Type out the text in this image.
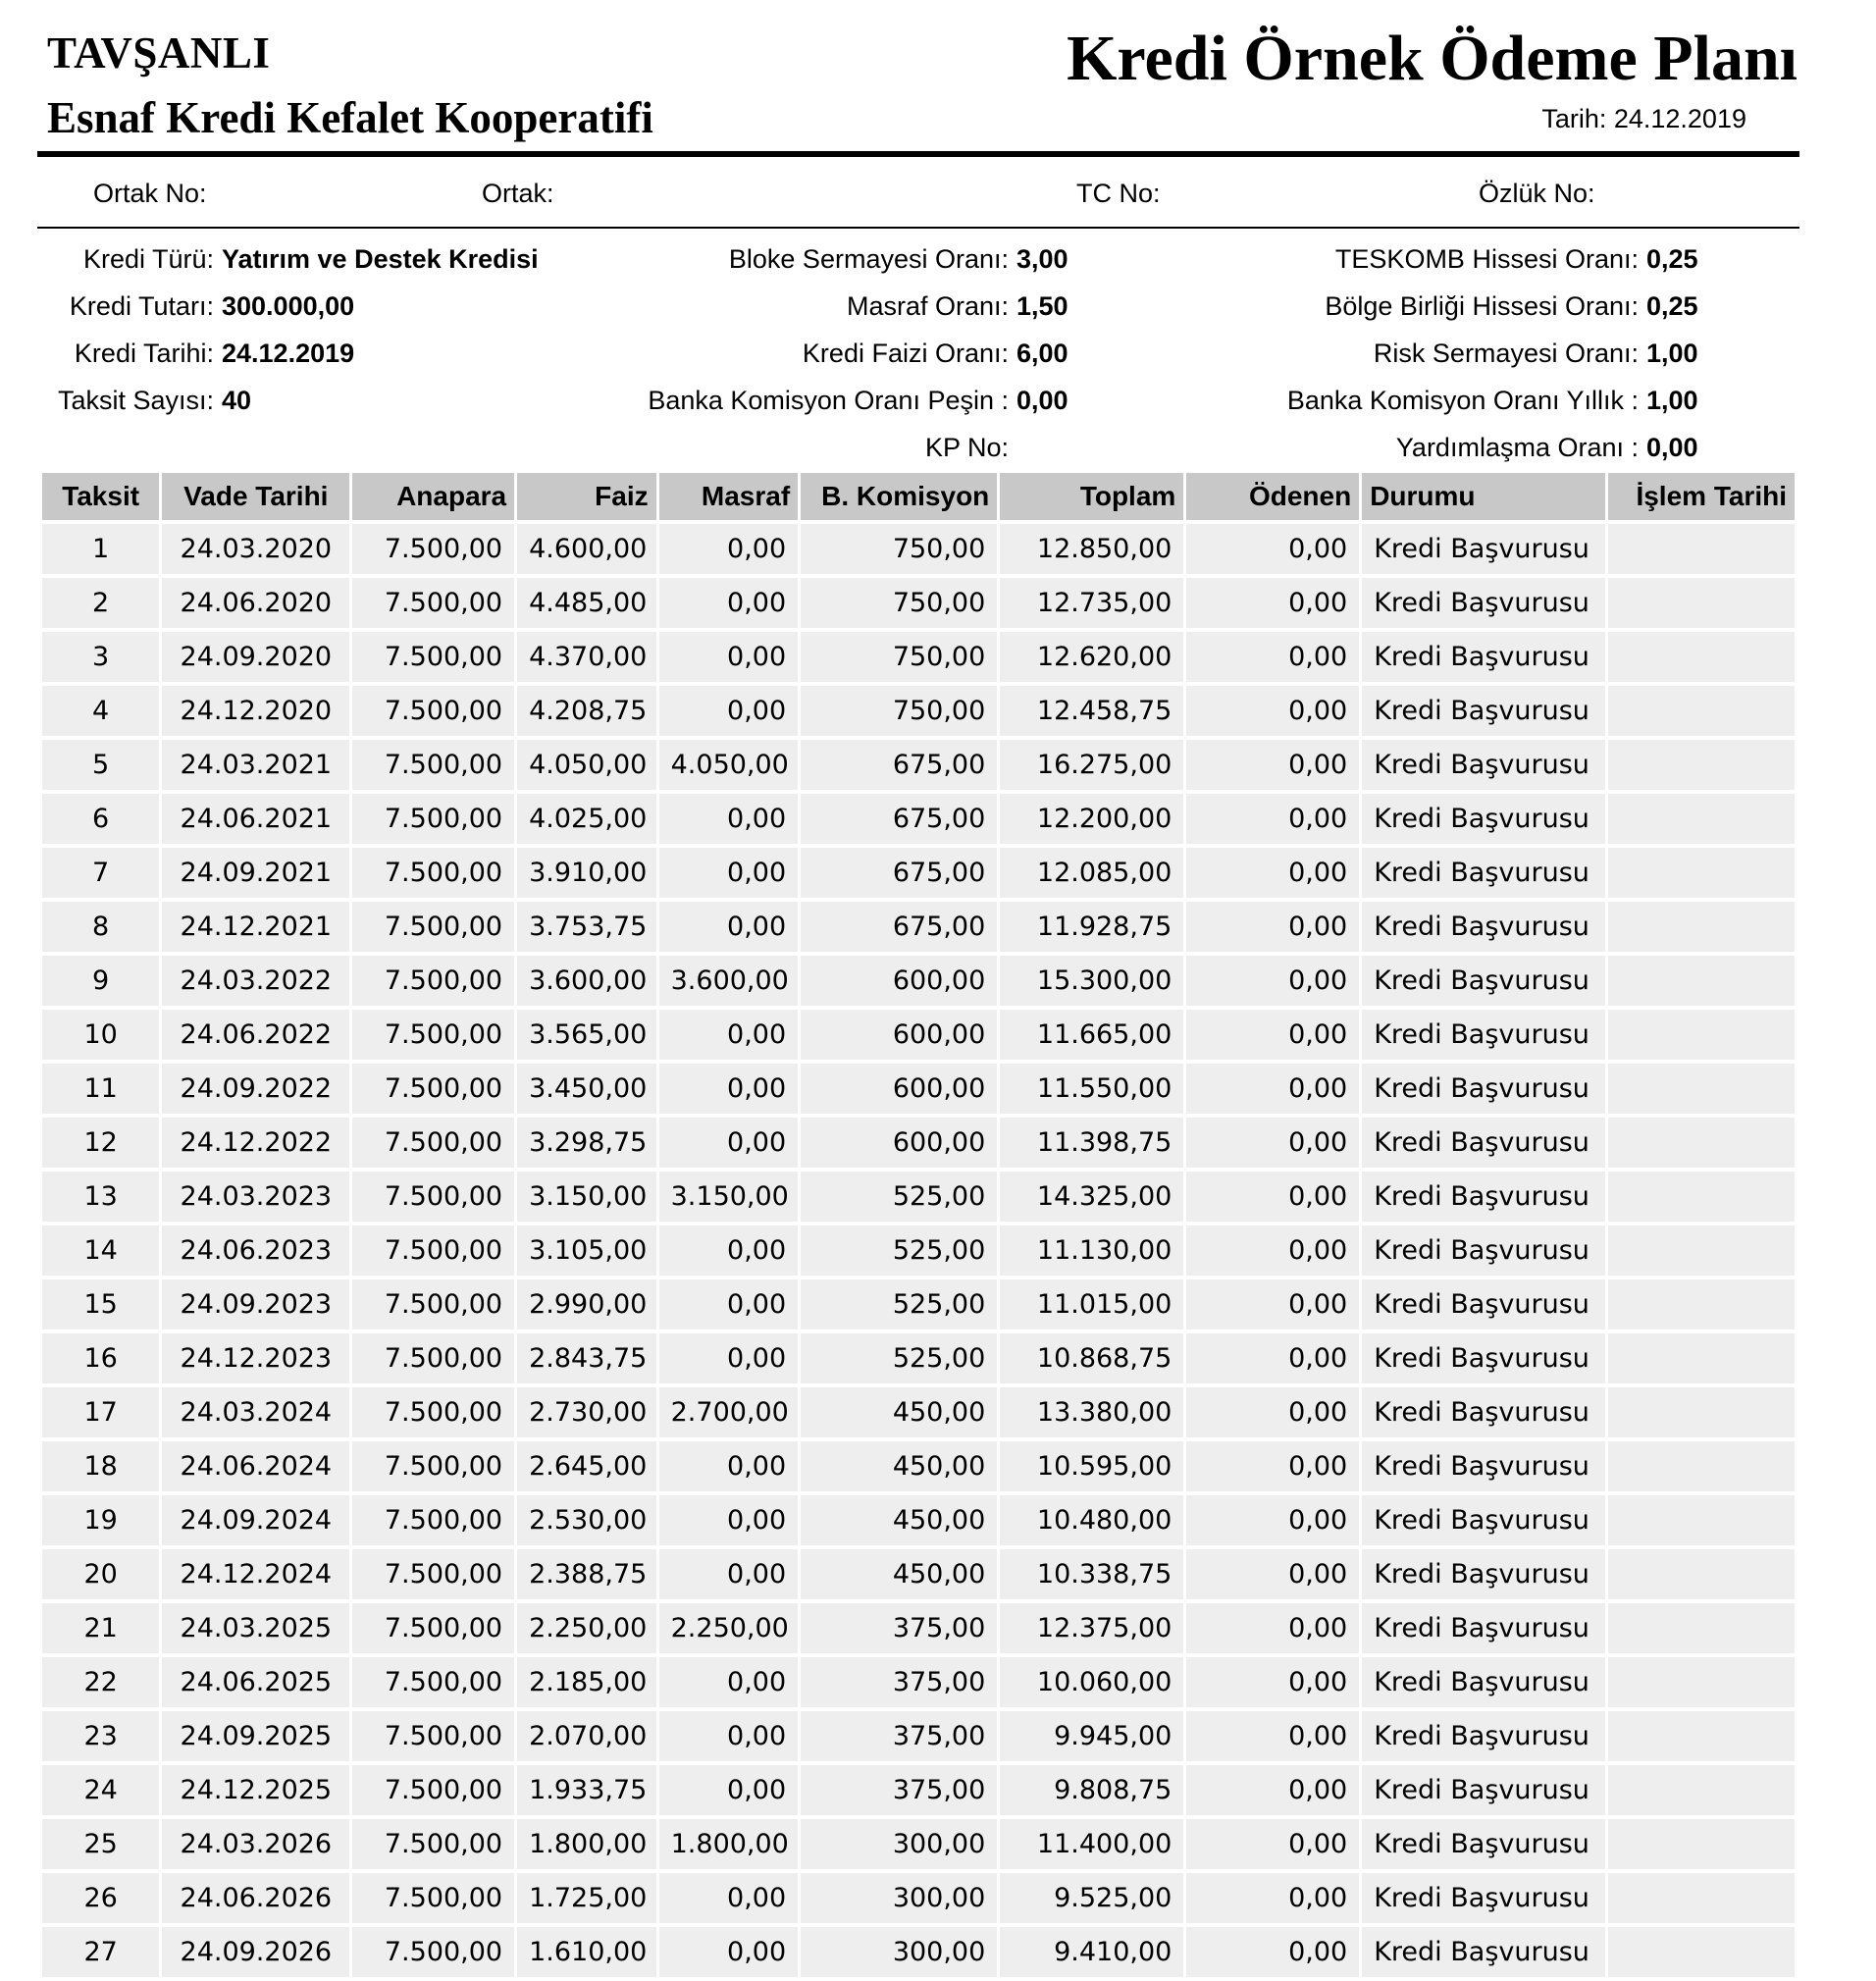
TAVŞANLI
Esnaf Kredi Kefalet Kooperatifi
Kredi Örnek Ödeme Planı
Tarih: 24.12.2019
Ortak No:	Ortak:	TC No:	Özlük No:
Kredi Türü: Yatırım ve Destek Kredisi
Kredi Tutarı: 300.000,00
Kredi Tarihi: 24.12.2019
Taksit Sayısı: 40
Bloke Sermayesi Oranı: 3,00
Masraf Oranı: 1,50
Kredi Faizi Oranı: 6,00
Banka Komisyon Oranı Peşin : 0,00
KP No:
TESKOMB Hissesi Oranı: 0,25
Bölge Birliği Hissesi Oranı: 0,25
Risk Sermayesi Oranı: 1,00
Banka Komisyon Oranı Yıllık : 1,00
Yardımlaşma Oranı : 0,00
Taksit	Vade Tarihi	Anapara	Faiz	Masraf	B. Komisyon	Toplam	Ödenen	Durumu	İşlem Tarihi
1	24.03.2020	7.500,00	4.600,00	0,00	750,00	12.850,00	0,00	Kredi Başvurusu	
2	24.06.2020	7.500,00	4.485,00	0,00	750,00	12.735,00	0,00	Kredi Başvurusu	
3	24.09.2020	7.500,00	4.370,00	0,00	750,00	12.620,00	0,00	Kredi Başvurusu	
4	24.12.2020	7.500,00	4.208,75	0,00	750,00	12.458,75	0,00	Kredi Başvurusu	
5	24.03.2021	7.500,00	4.050,00	4.050,00	675,00	16.275,00	0,00	Kredi Başvurusu	
6	24.06.2021	7.500,00	4.025,00	0,00	675,00	12.200,00	0,00	Kredi Başvurusu	
7	24.09.2021	7.500,00	3.910,00	0,00	675,00	12.085,00	0,00	Kredi Başvurusu	
8	24.12.2021	7.500,00	3.753,75	0,00	675,00	11.928,75	0,00	Kredi Başvurusu	
9	24.03.2022	7.500,00	3.600,00	3.600,00	600,00	15.300,00	0,00	Kredi Başvurusu	
10	24.06.2022	7.500,00	3.565,00	0,00	600,00	11.665,00	0,00	Kredi Başvurusu	
11	24.09.2022	7.500,00	3.450,00	0,00	600,00	11.550,00	0,00	Kredi Başvurusu	
12	24.12.2022	7.500,00	3.298,75	0,00	600,00	11.398,75	0,00	Kredi Başvurusu	
13	24.03.2023	7.500,00	3.150,00	3.150,00	525,00	14.325,00	0,00	Kredi Başvurusu	
14	24.06.2023	7.500,00	3.105,00	0,00	525,00	11.130,00	0,00	Kredi Başvurusu	
15	24.09.2023	7.500,00	2.990,00	0,00	525,00	11.015,00	0,00	Kredi Başvurusu	
16	24.12.2023	7.500,00	2.843,75	0,00	525,00	10.868,75	0,00	Kredi Başvurusu	
17	24.03.2024	7.500,00	2.730,00	2.700,00	450,00	13.380,00	0,00	Kredi Başvurusu	
18	24.06.2024	7.500,00	2.645,00	0,00	450,00	10.595,00	0,00	Kredi Başvurusu	
19	24.09.2024	7.500,00	2.530,00	0,00	450,00	10.480,00	0,00	Kredi Başvurusu	
20	24.12.2024	7.500,00	2.388,75	0,00	450,00	10.338,75	0,00	Kredi Başvurusu	
21	24.03.2025	7.500,00	2.250,00	2.250,00	375,00	12.375,00	0,00	Kredi Başvurusu	
22	24.06.2025	7.500,00	2.185,00	0,00	375,00	10.060,00	0,00	Kredi Başvurusu	
23	24.09.2025	7.500,00	2.070,00	0,00	375,00	9.945,00	0,00	Kredi Başvurusu	
24	24.12.2025	7.500,00	1.933,75	0,00	375,00	9.808,75	0,00	Kredi Başvurusu	
25	24.03.2026	7.500,00	1.800,00	1.800,00	300,00	11.400,00	0,00	Kredi Başvurusu	
26	24.06.2026	7.500,00	1.725,00	0,00	300,00	9.525,00	0,00	Kredi Başvurusu	
27	24.09.2026	7.500,00	1.610,00	0,00	300,00	9.410,00	0,00	Kredi Başvurusu	
